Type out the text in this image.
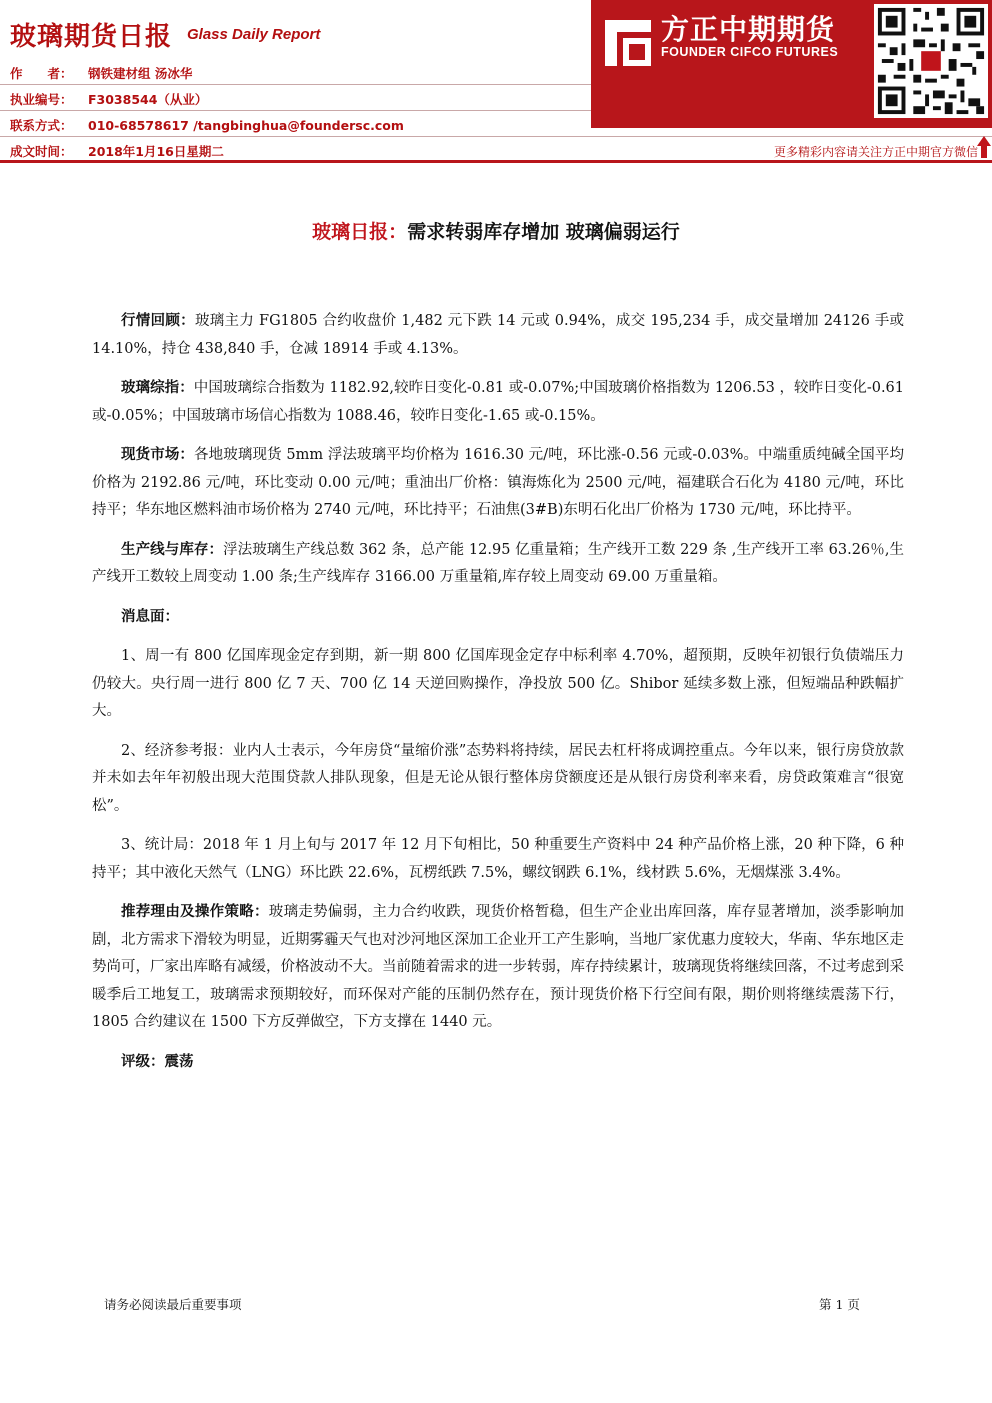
玻璃期货日报 Glass Daily Report
作　　者： 钢铁建材组 汤冰华
执业编号： F3038544（从业）
联系方式： 010-68578617 /tangbinghua@foundersc.com
成文时间： 2018年1月16日星期二
方正中期期货
FOUNDER CIFCO FUTURES
更多精彩内容请关注方正中期官方微信
玻璃日报：需求转弱库存增加 玻璃偏弱运行

行情回顾：玻璃主力 FG1805 合约收盘价 1,482 元下跌 14 元或 0.94%，成交 195,234 手，成交量增加 24126 手或 14.10%，持仓 438,840 手，仓减 18914 手或 4.13%。

玻璃综指：中国玻璃综合指数为 1182.92,较昨日变化-0.81 或-0.07%;中国玻璃价格指数为 1206.53 ，较昨日变化-0.61 或-0.05%；中国玻璃市场信心指数为 1088.46，较昨日变化-1.65 或-0.15%。

现货市场：各地玻璃现货 5mm 浮法玻璃平均价格为 1616.30 元/吨，环比涨-0.56 元或-0.03%。中端重质纯碱全国平均价格为 2192.86 元/吨，环比变动 0.00 元/吨；重油出厂价格：镇海炼化为 2500 元/吨，福建联合石化为 4180 元/吨，环比持平；华东地区燃料油市场价格为 2740 元/吨，环比持平；石油焦(3#B)东明石化出厂价格为 1730 元/吨，环比持平。

生产线与库存：浮法玻璃生产线总数 362 条，总产能 12.95 亿重量箱；生产线开工数 229 条 ,生产线开工率 63.26％,生产线开工数较上周变动 1.00 条;生产线库存 3166.00 万重量箱,库存较上周变动 69.00 万重量箱。

消息面：

1、周一有 800 亿国库现金定存到期，新一期 800 亿国库现金定存中标利率 4.70%，超预期，反映年初银行负债端压力仍较大。央行周一进行 800 亿 7 天、700 亿 14 天逆回购操作，净投放 500 亿。Shibor 延续多数上涨，但短端品种跌幅扩大。

2、经济参考报：业内人士表示，今年房贷“量缩价涨”态势料将持续，居民去杠杆将成调控重点。今年以来，银行房贷放款并未如去年年初般出现大范围贷款人排队现象，但是无论从银行整体房贷额度还是从银行房贷利率来看，房贷政策难言“很宽松”。

3、统计局：2018 年 1 月上旬与 2017 年 12 月下旬相比，50 种重要生产资料中 24 种产品价格上涨，20 种下降，6 种持平；其中液化天然气（LNG）环比跌 22.6%，瓦楞纸跌 7.5%，螺纹钢跌 6.1%，线材跌 5.6%，无烟煤涨 3.4%。

推荐理由及操作策略：玻璃走势偏弱，主力合约收跌，现货价格暂稳，但生产企业出库回落，库存显著增加，淡季影响加剧，北方需求下滑较为明显，近期雾霾天气也对沙河地区深加工企业开工产生影响，当地厂家优惠力度较大，华南、华东地区走势尚可，厂家出库略有减缓，价格波动不大。当前随着需求的进一步转弱，库存持续累计，玻璃现货将继续回落，不过考虑到采暖季后工地复工，玻璃需求预期较好，而环保对产能的压制仍然存在，预计现货价格下行空间有限，期价则将继续震荡下行，1805 合约建议在 1500 下方反弹做空，下方支撑在 1440 元。

评级：震荡

请务必阅读最后重要事项	第 1 页
